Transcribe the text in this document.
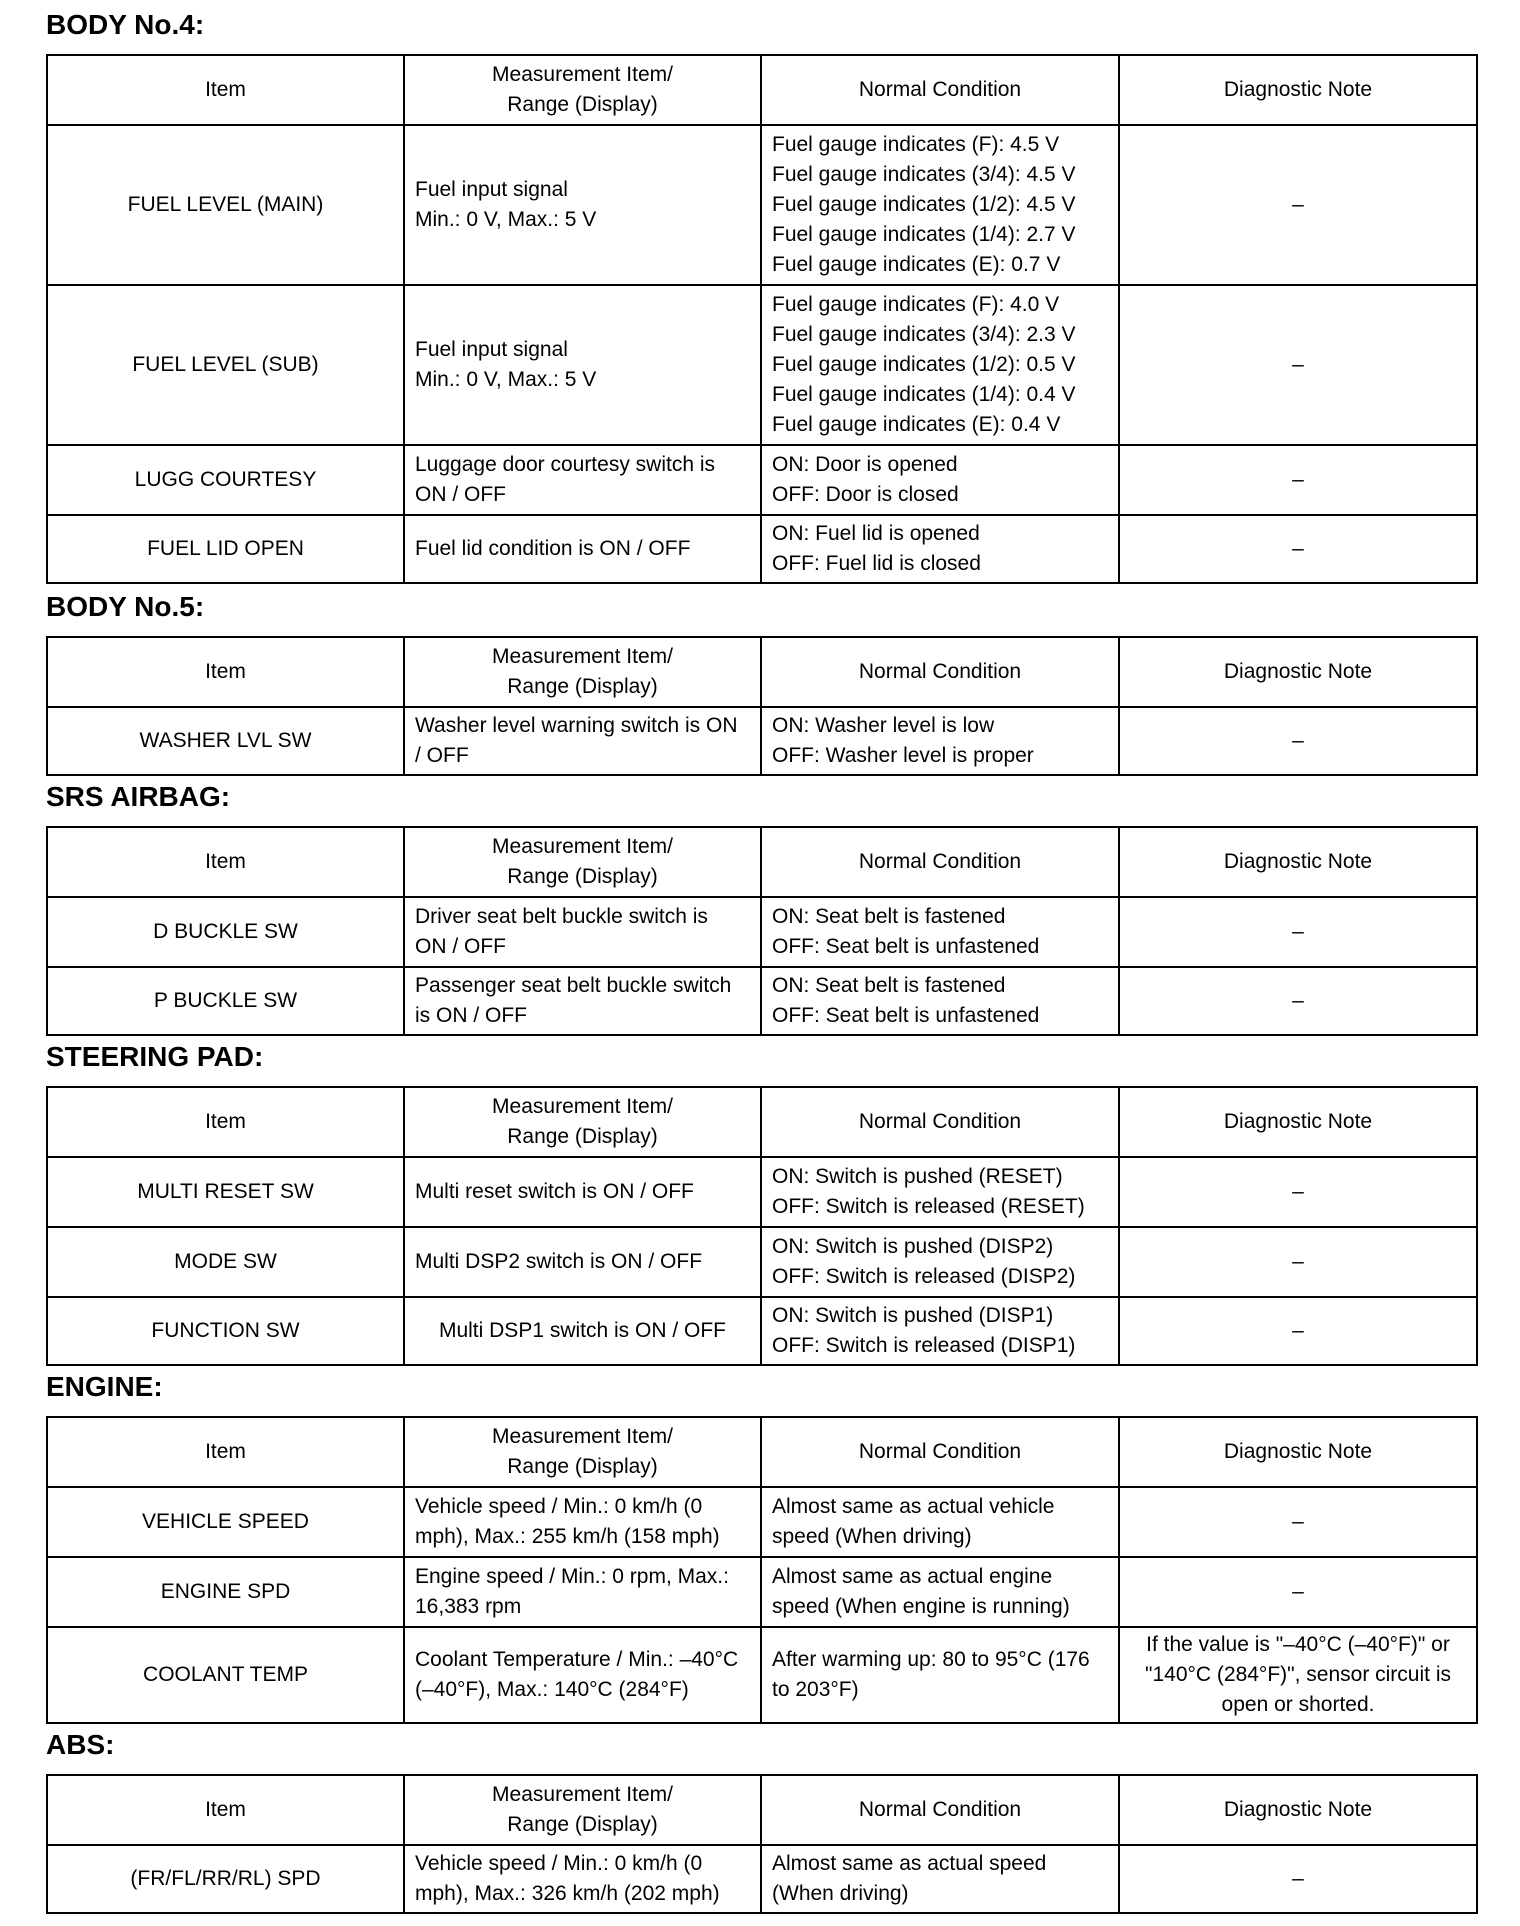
BODY No.4:
Item	Measurement Item/
Range (Display)	Normal Condition	Diagnostic Note
FUEL LEVEL (MAIN)	Fuel input signal
Min.: 0 V, Max.: 5 V	Fuel gauge indicates (F): 4.5 V
Fuel gauge indicates (3/4): 4.5 V
Fuel gauge indicates (1/2): 4.5 V
Fuel gauge indicates (1/4): 2.7 V
Fuel gauge indicates (E): 0.7 V	–
FUEL LEVEL (SUB)	Fuel input signal
Min.: 0 V, Max.: 5 V	Fuel gauge indicates (F): 4.0 V
Fuel gauge indicates (3/4): 2.3 V
Fuel gauge indicates (1/2): 0.5 V
Fuel gauge indicates (1/4): 0.4 V
Fuel gauge indicates (E): 0.4 V	–
LUGG COURTESY	Luggage door courtesy switch is
ON / OFF	ON: Door is opened
OFF: Door is closed	–
FUEL LID OPEN	Fuel lid condition is ON / OFF	ON: Fuel lid is opened
OFF: Fuel lid is closed	–
BODY No.5:
Item	Measurement Item/
Range (Display)	Normal Condition	Diagnostic Note
WASHER LVL SW	Washer level warning switch is ON
/ OFF	ON: Washer level is low
OFF: Washer level is proper	–
SRS AIRBAG:
Item	Measurement Item/
Range (Display)	Normal Condition	Diagnostic Note
D BUCKLE SW	Driver seat belt buckle switch is
ON / OFF	ON: Seat belt is fastened
OFF: Seat belt is unfastened	–
P BUCKLE SW	Passenger seat belt buckle switch
is ON / OFF	ON: Seat belt is fastened
OFF: Seat belt is unfastened	–
STEERING PAD:
Item	Measurement Item/
Range (Display)	Normal Condition	Diagnostic Note
MULTI RESET SW	Multi reset switch is ON / OFF	ON: Switch is pushed (RESET)
OFF: Switch is released (RESET)	–
MODE SW	Multi DSP2 switch is ON / OFF	ON: Switch is pushed (DISP2)
OFF: Switch is released (DISP2)	–
FUNCTION SW	Multi DSP1 switch is ON / OFF	ON: Switch is pushed (DISP1)
OFF: Switch is released (DISP1)	–
ENGINE:
Item	Measurement Item/
Range (Display)	Normal Condition	Diagnostic Note
VEHICLE SPEED	Vehicle speed / Min.: 0 km/h (0
mph), Max.: 255 km/h (158 mph)	Almost same as actual vehicle
speed (When driving)	–
ENGINE SPD	Engine speed / Min.: 0 rpm, Max.:
16,383 rpm	Almost same as actual engine
speed (When engine is running)	–
COOLANT TEMP	Coolant Temperature / Min.: –40°C
(–40°F), Max.: 140°C (284°F)	After warming up: 80 to 95°C (176
to 203°F)	If the value is "–40°C (–40°F)" or
"140°C (284°F)", sensor circuit is
open or shorted.
ABS:
Item	Measurement Item/
Range (Display)	Normal Condition	Diagnostic Note
(FR/FL/RR/RL) SPD	Vehicle speed / Min.: 0 km/h (0
mph), Max.: 326 km/h (202 mph)	Almost same as actual speed
(When driving)	–
